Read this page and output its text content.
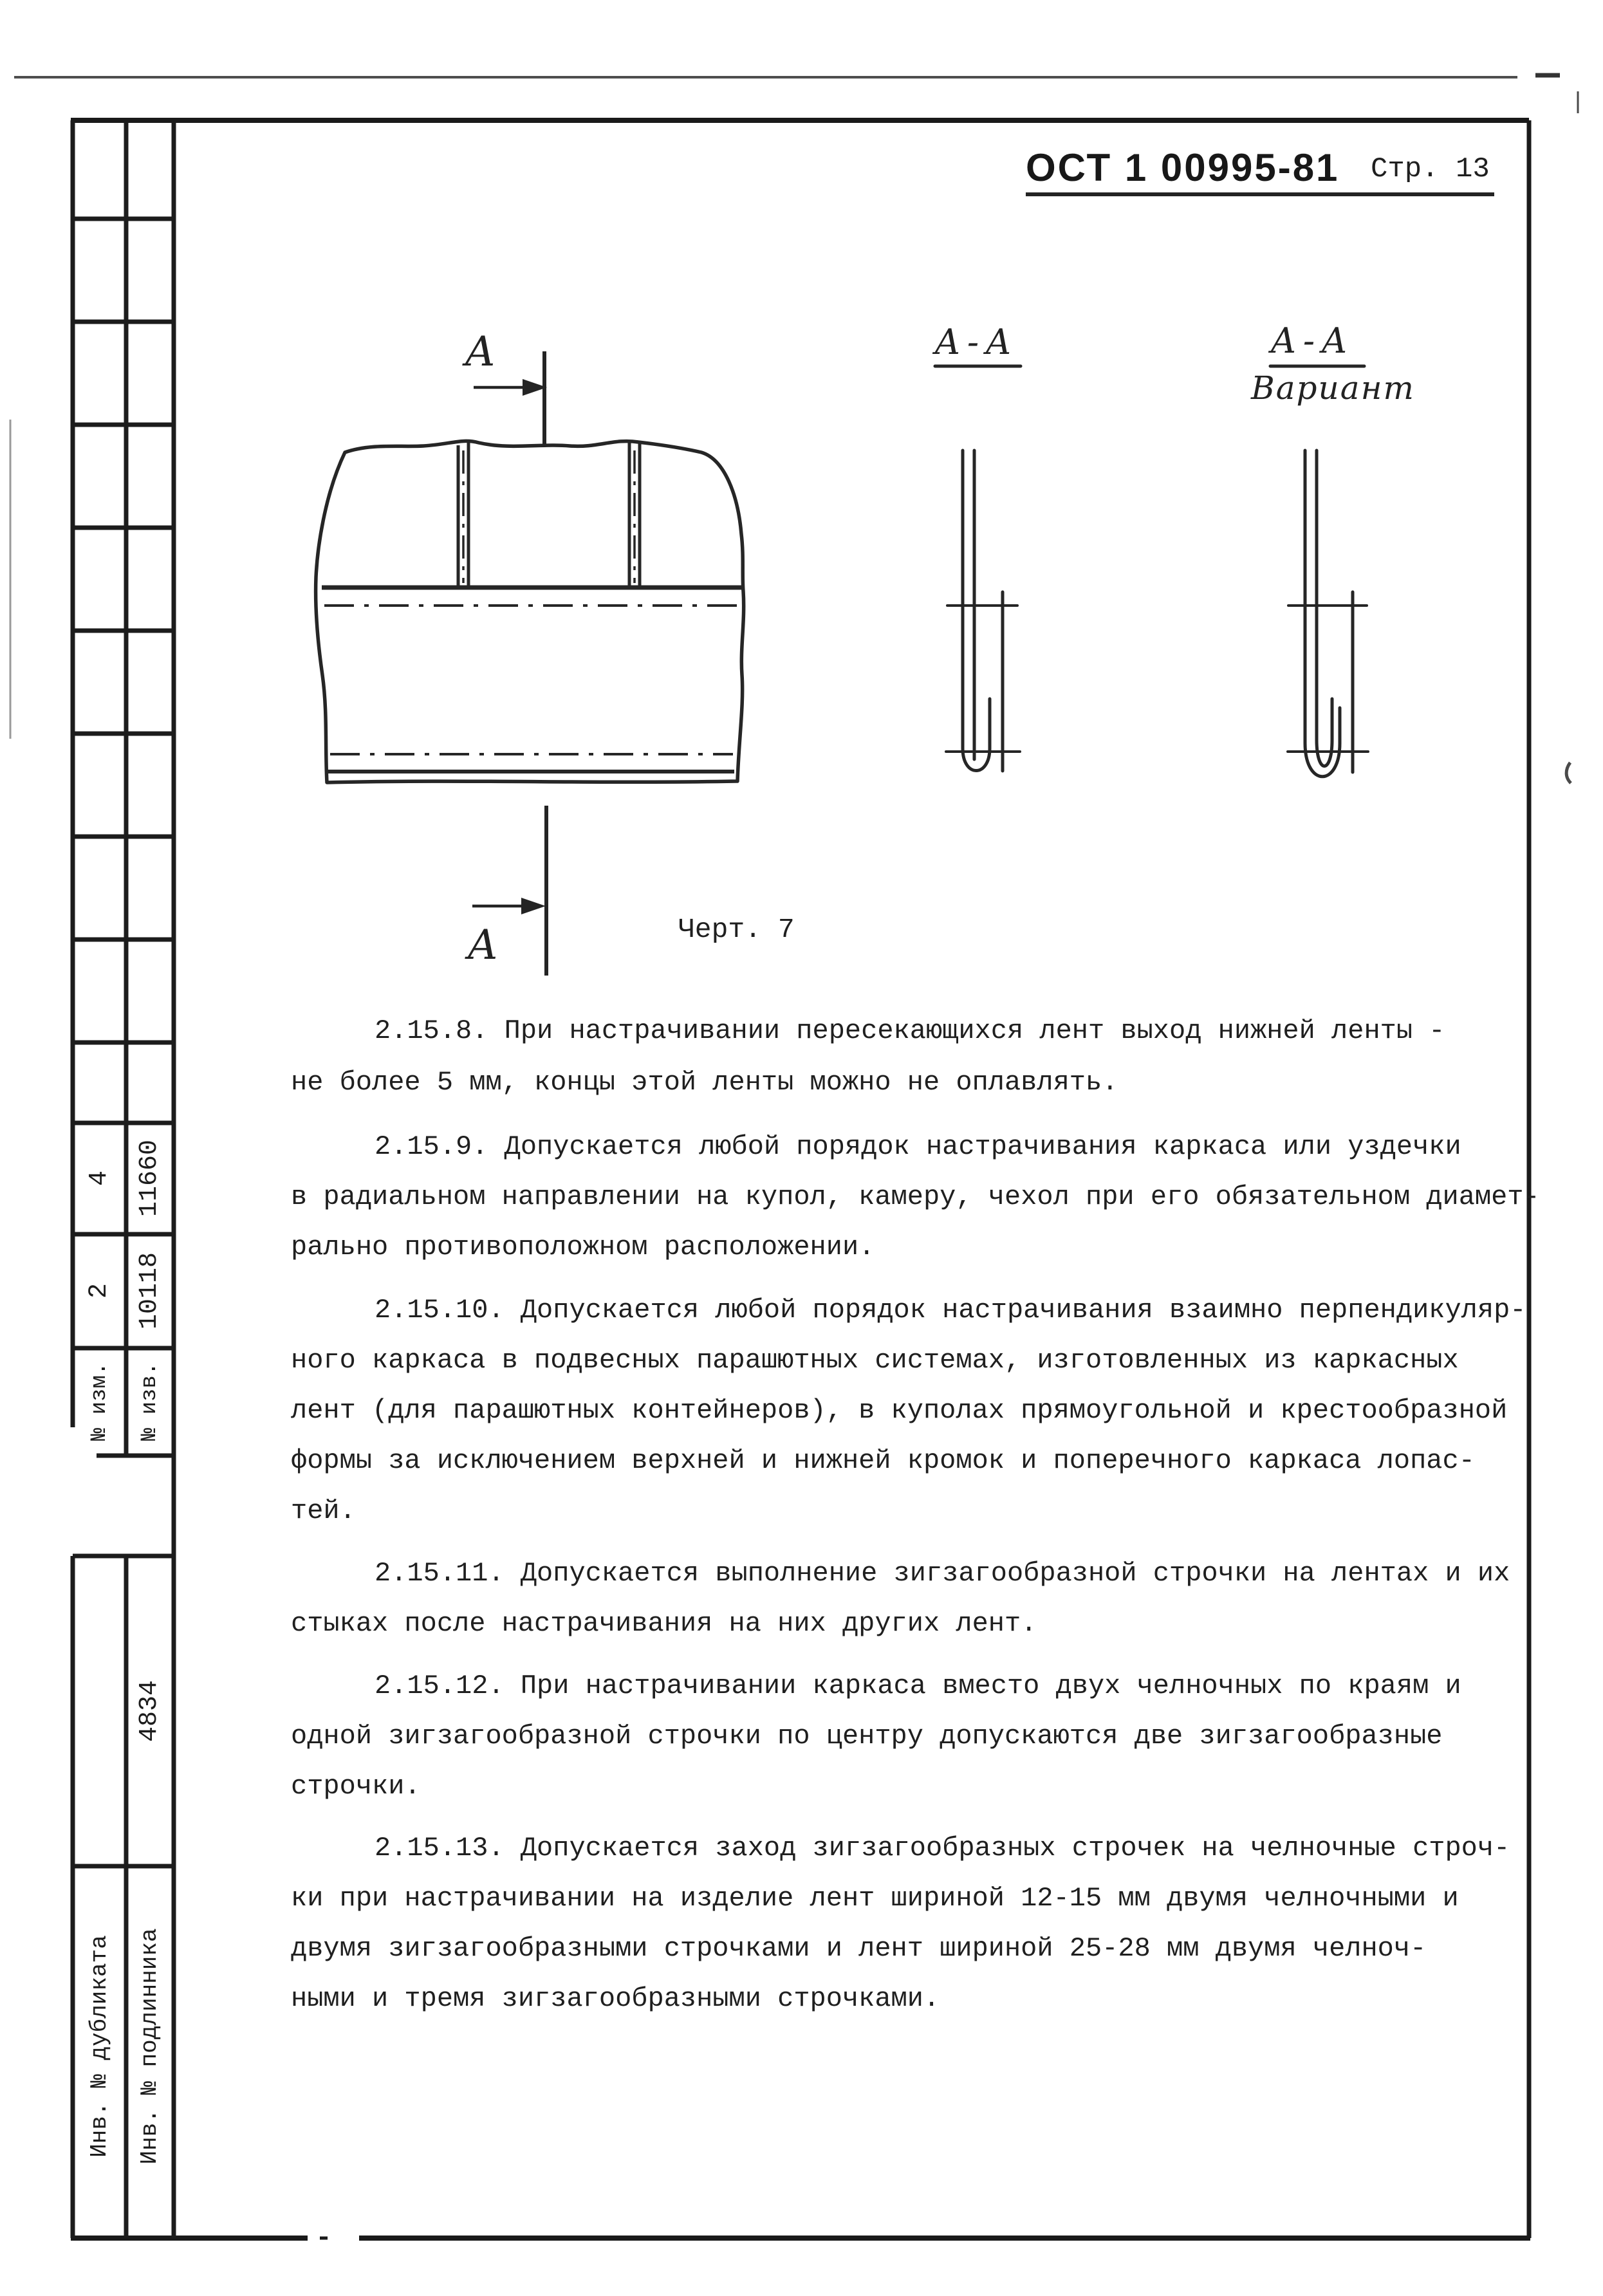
ОСТ 1 00995-81 Стр. 13
А
А
А-А	А-А
Вариант
Черт. 7
2.15.8. При настрачивании пересекающихся лент выход нижней ленты -
не более 5 мм, концы этой ленты можно не оплавлять.
2.15.9. Допускается любой порядок настрачивания каркаса или уздечки
в радиальном направлении на купол, камеру, чехол при его обязательном диамет-
рально противоположном расположении.
2.15.10. Допускается любой порядок настрачивания взаимно перпендикуляр-
ного каркаса в подвесных парашютных системах, изготовленных из каркасных
лент (для парашютных контейнеров), в куполах прямоугольной и крестообразной
формы за исключением верхней и нижней кромок и поперечного каркаса лопас-
тей.
2.15.11. Допускается выполнение зигзагообразной строчки на лентах и их
стыках после настрачивания на них других лент.
2.15.12. При настрачивании каркаса вместо двух челночных по краям и
одной зигзагообразной строчки по центру допускаются две зигзагообразные
строчки.
2.15.13. Допускается заход зигзагообразных строчек на челночные строч-
ки при настрачивании на изделие лент шириной 12-15 мм двумя челночными и
двумя зигзагообразными строчками и лент шириной 25-28 мм двумя челноч-
ными и тремя зигзагообразными строчками.
4 11660
2 10118
№ изм. № изв.
4834
Инв. № дубликата Инв. № подлинника
